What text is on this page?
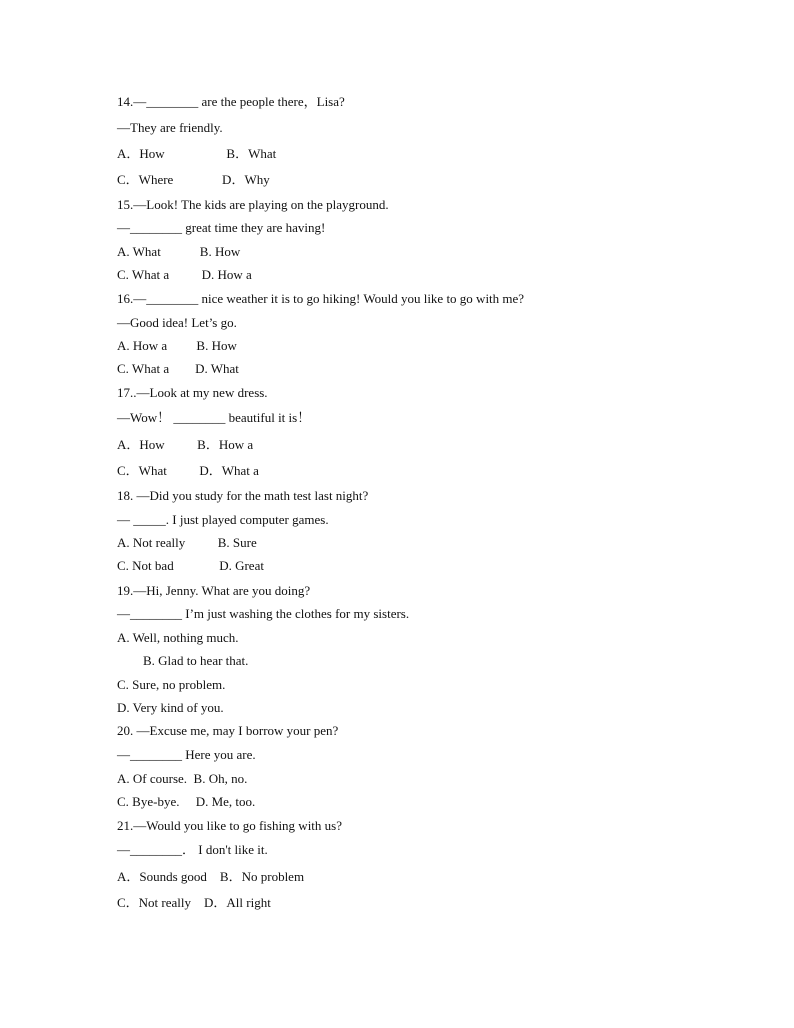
14.—________ are the people there，Lisa?
—They are friendly.
A．How                   B．What
C．Where               D．Why
15.—Look! The kids are playing on the playground.
—________ great time they are having!
A. What            B. How
C. What a          D. How a
16.—________ nice weather it is to go hiking! Would you like to go with me?
—Good idea! Let’s go.
A. How a         B. How
C. What a        D. What
17..—Look at my new dress.
—Wow！ ________ beautiful it is！
A．How          B．How a
C．What          D．What a
18. —Did you study for the math test last night?
— _____. I just played computer games.
A. Not really          B. Sure
C. Not bad              D. Great
19.—Hi, Jenny. What are you doing?
—________ I’m just washing the clothes for my sisters.
A. Well, nothing much.
B. Glad to hear that.
C. Sure, no problem.
D. Very kind of you.
20. —Excuse me, may I borrow your pen?
—________ Here you are.
A. Of course.  B. Oh, no.
C. Bye-bye.     D. Me, too.
21.—Would you like to go fishing with us?
—________． I don't like it.
A．Sounds good    B．No problem
C．Not really    D．All right
